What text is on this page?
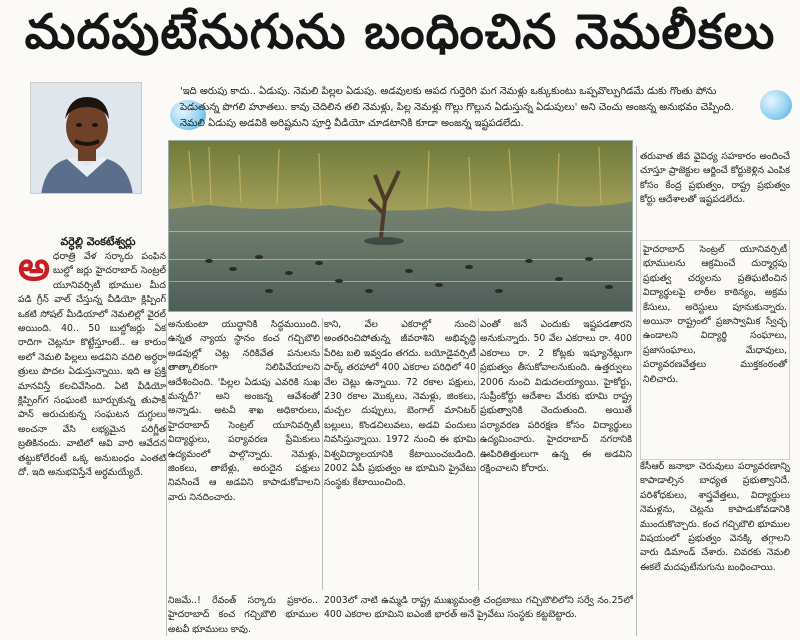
మదపుటేనుగును బంధించిన నెమలీకలు
వర్ధెల్లి వెంకటేశ్వర్లు
'ఇది అరుపు కాదు.. ఏడుపు. నెమలి పిల్లల ఏడుపు. అడవులకు ఆపద గుర్తెరిగి మగ నెమళ్లు ఒక్కుకుంటు ఒప్పవొల్పుగిడమే డుకు గొంతు పోను పెడుతున్న పొగలి హూతలు. కావు చెదిలిన తలి నెమళ్లు, పిల్ల నెమళ్లు గొల్లు గొల్లున ఏడుస్తున్న ఏడుపులు' అని చెంచు అంజన్న అనుభవం చెప్పింది. నెమలి ఏడుపు అడవికి అరిష్టమని పూర్తి వీడియో చూడటానికి కూడా అంజన్న ఇష్టపడలేదు.
అ ధరాత్రి వేళ సర్కారు పంపిన బుల్డో జర్లు హైదరాబాద్ సెంట్రల్ యూనివర్సిటీ భూముల మీద పడి గ్రీన్ వాల్ చేస్తున్న వీడియో క్లిప్పింగ్ ఒకటి సోషల్ మీడియాలో నెమలిల్లో వైరల్ అయింది. 40.. 50 బుల్డోజర్లు ఏక రాదిగా చెట్లనూ కొట్టేస్తూంటే.. ఆ కారుం అలో నెమలి పిల్లలు అడవిని వదిలి అర్ధరా త్రులు పొదల ఏడుస్తున్నాయి. ఇది ఆ ప్రక్తి మానవిస్తే కలచివేసింది. ఏటి వీడియో క్లిప్పింగ్‌గ సంఘంటి బూర్చుకున్న తుపాకీ పాన్ అరుచుకున్న సంఘటన దుగ్ధులు అంచనా వేసి లభ్యమైన పరిగ్ణీత బ్రతికినందు. వాటిలో ఆవి వారి ఆవేదన తట్టుకోలేరంటే ఒక్క అనుబంధం ఎంతటి దో. ఇది అనుభవిస్తేనే అర్ధమయ్యేదే.
అనుకుంటా యుద్ధానికి సిద్ధమయింది. ఉన్నత న్యాయ స్థానం కంచ గచ్చిబౌలి అడవుల్లో చెట్ల నరికివేత పనులను తాత్కాలికంగా నిలిపివేయాలని ఆదేశించింది. 'పిల్లల ఏడుపు ఎవరికి సుఖ మన్నదీ?' అని అంజన్న ఆవేశంతో అన్నాడు. అటవీ శాఖ అధికారులు, హైదరాబాద్ సెంట్రల్ యూనివర్సిటీ విద్యార్థులు, పర్యావరణ ప్రేమికులు ఉద్యమంలో పాల్గొన్నారు. నెమళ్లు, జింకలు, తాబేళ్లు, అరుదైన పక్షులు నివసించే ఆ అడవిని కాపాడుకోవాలని వారు నినదించారు.
కాని, వేల ఎకరాల్లో నుంచి అంతరించిపోతున్న జీవరాశిని అభివృద్ధి పేరిట బలి ఇవ్వడం తగదు. బయోడైవర్సిటీ పార్క్ తరహాలో 400 ఎకరాల పరిధిలో 40 వేల చెట్లు ఉన్నాయి. 72 రకాల పక్షులు, 230 రకాల మొక్కలు, నెమళ్లు, జింకలు, మచ్చల దుప్పులు, బెంగాల్ మానిటర్ బల్లులు, కొండచిలువలు, అడవి పందులు నివసిస్తున్నాయి. 1972 నుంచి ఈ భూమి విశ్వవిద్యాలయానికి కేటాయించబడింది. 2002 ఏపీ ప్రభుత్వం ఆ భూమిని ప్రైవేటు సంస్థకు కేటాయించింది.
ఎంతో జనే ఎందుకు ఇష్టపడతారని అనుకున్నారు. 50 వేల ఎకరాలు రా. 400 ఎకరాలు రా. 2 కోట్లకు ఇష్యూనేట్లుగా ప్రభుత్వం తీసుకోవాలనుకుంది. ఉత్తర్వులు 2006 నుంచి విడుదలయ్యాయి. హైకోర్టు, సుప్రీంకోర్టు ఆదేశాల మేరకు భూమి రాష్ట్ర ప్రభుత్వానికి చెందుతుంది. అయితే పర్యావరణ పరిరక్షణ కోసం విద్యార్థులు ఉద్యమించారు. హైదరాబాద్ నగరానికి ఊపిరితిత్తులుగా ఉన్న ఈ అడవిని రక్షించాలని కోరారు.
తరువాత జీవ వైవిధ్య సహకారం అందించే చూస్తూ ప్రాజెక్టుల ఆర్జించే కోర్టుకెళ్లిన ఎంపిక కోసం కేంద్ర ప్రభుత్వం, రాష్ట్ర ప్రభుత్వం కోర్టు ఆదేశాలతో ఇష్టపడలేదు.
హైదరాబాద్ సెంట్రల్ యూనివర్సిటీ భూములను ఆక్రమించే దుర్మార్గపు ప్రభుత్వ చర్యలను ప్రతిఘటించిన విద్యార్థులపై లాఠీల కాఠిన్యం, అక్రమ కేసులు, అరెస్టులు పూనుకున్నారు. అయినా రాష్ట్రంలో ప్రజాస్వామిక స్వేచ్ఛ ఉండాలని విద్యార్థి సంఘాలు, ప్రజాసంఘాలు, మేధావులు, పర్యావరణవేత్తలు ముక్తకంఠంతో నిలిచారు.
కేసీఆర్ జనాభా చెరువులు పర్యావరణాన్ని కాపాడాల్సిన బాధ్యత ప్రభుత్వానిదే. పరిశోధకులు, శాస్త్రవేత్తలు, విద్యార్థులు నెమళ్లను, చెట్లను కాపాడుకోవడానికి ముందుకొచ్చారు. కంచ గచ్చిబౌలి భూముల విషయంలో ప్రభుత్వం వెనక్కి తగ్గాలని వారు డిమాండ్ చేశారు. చివరకు నెమలి ఈకలే మదపుటేనుగును బంధించాయి.
నిజమే..! రేవంత్ సర్కారు ప్రకారం.. హైదరాబాద్ కంచ గచ్చిబౌలి భూముల అటవీ భూములు కావు.
2003లో నాటి ఉమ్మడి రాష్ట్ర ముఖ్యమంత్రి చంద్రబాబు గచ్చిబౌలిలోని సర్వే నం.25లో 400 ఎకరాల భూమిని ఐఎంజీ భారత్ అనే ప్రైవేటు సంస్థకు కట్టబెట్టారు.
